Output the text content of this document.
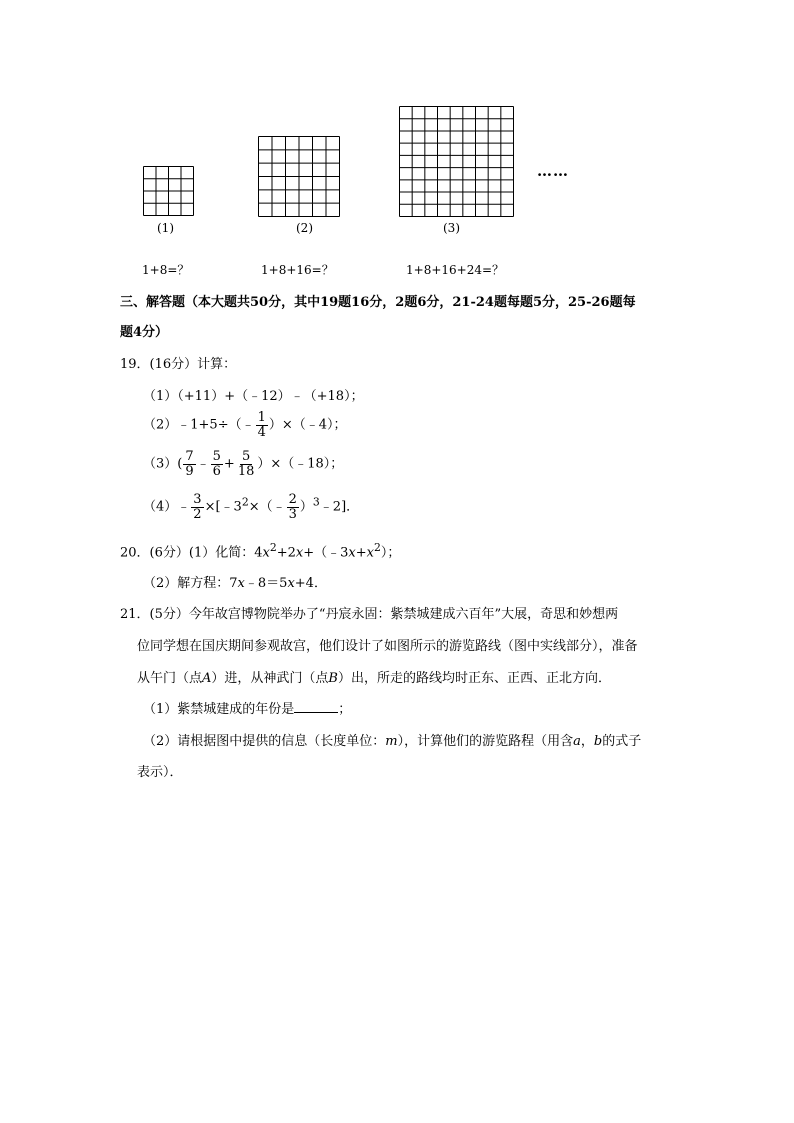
……
(1)	(2)	(3)
1+8=？	1+8+16=？	1+8+16+24=？
三、解答题（本大题共50分，其中19题16分，2题6分，21-24题每题5分，25-26题每
题4分）
19．(16分）计算：
（1）（+11）+（﹣12）﹣（+18）；
（2）﹣1+5÷（﹣ $\frac{1}{4}$ ）×（﹣4）；
$(3)( \frac{7}{9}$ ﹣ $\frac{5}{6} + \frac{5}{18}$ ）×（﹣18）；
（4）﹣ $\frac{3}{2}$ $\times[﹣3^2\times(﹣ \frac{2}{3}$ ）$^3$﹣2]．
20．(6分）(1）化简：$4x^2+2x+(﹣3x+x^2)$；
（2）解方程：7x﹣8＝5x+4．
21．(5分）今年故宫博物院举办了“丹宸永固：紫禁城建成六百年”大展，奇思和妙想两
位同学想在国庆期间参观故宫，他们设计了如图所示的游览路线（图中实线部分），准备
从午门（点A）进，从神武门（点B）出，所走的路线均时正东、正西、正北方向．
（1）紫禁城建成的年份是	；
（2）请根据图中提供的信息（长度单位：m），计算他们的游览路程（用含a，b的式子
表示）．
